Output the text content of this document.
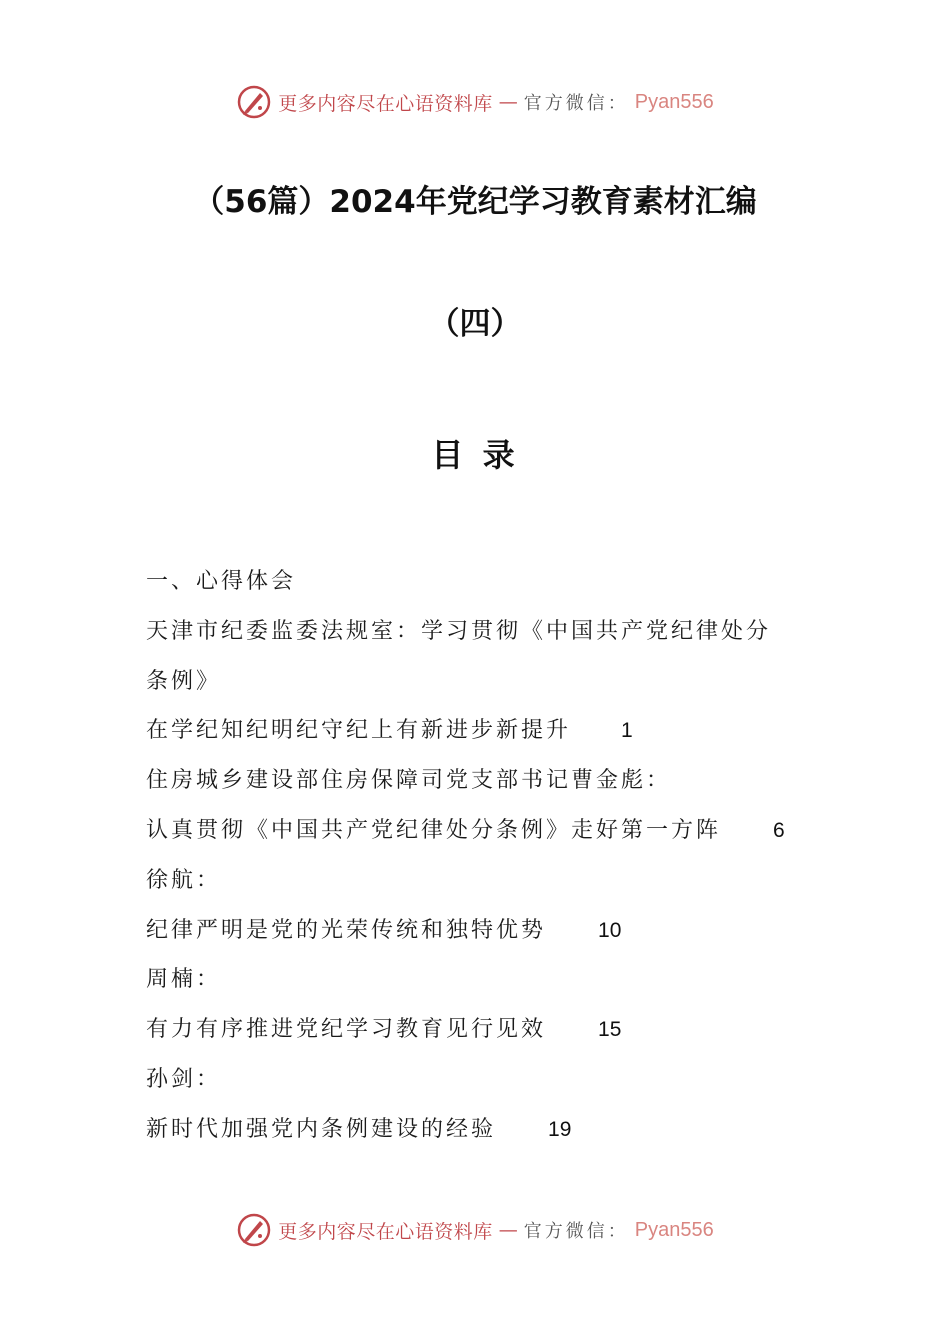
更多内容尽在心语资料库 — 官方微信： Pyan556
（56篇）2024年党纪学习教育素材汇编
（四）
目 录
一、心得体会
天津市纪委监委法规室：学习贯彻《中国共产党纪律处分
条例》
在学纪知纪明纪守纪上有新进步新提升 1
住房城乡建设部住房保障司党支部书记曹金彪：
认真贯彻《中国共产党纪律处分条例》走好第一方阵 6
徐航：
纪律严明是党的光荣传统和独特优势 10
周楠：
有力有序推进党纪学习教育见行见效 15
孙剑：
新时代加强党内条例建设的经验 19
更多内容尽在心语资料库 — 官方微信： Pyan556
